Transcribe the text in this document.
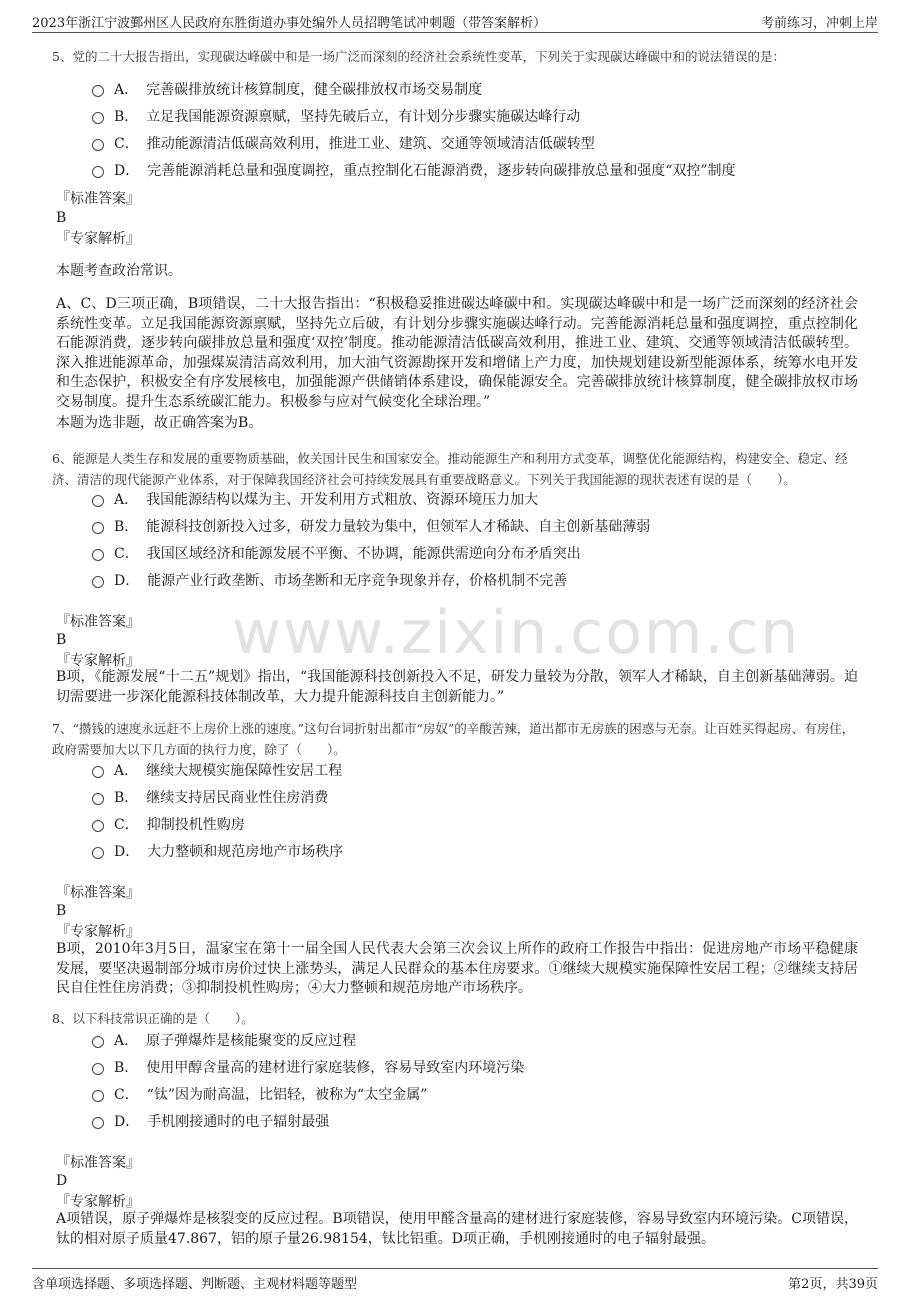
2023年浙江宁波鄞州区人民政府东胜街道办事处编外人员招聘笔试冲刺题（带答案解析）	考前练习，冲刺上岸
www.zixin.com.cn
5、党的二十大报告指出，实现碳达峰碳中和是一场广泛而深刻的经济社会系统性变革，下列关于实现碳达峰碳中和的说法错误的是：
A． 完善碳排放统计核算制度，健全碳排放权市场交易制度
B． 立足我国能源资源禀赋，坚持先破后立，有计划分步骤实施碳达峰行动
C． 推动能源清洁低碳高效利用，推进工业、建筑、交通等领域清洁低碳转型
D． 完善能源消耗总量和强度调控，重点控制化石能源消费，逐步转向碳排放总量和强度“双控”制度
『标准答案』
B
『专家解析』
本题考查政治常识。
A、C、D三项正确，B项错误，二十大报告指出：“积极稳妥推进碳达峰碳中和。实现碳达峰碳中和是一场广泛而深刻的经济社会系统性变革。立足我国能源资源禀赋，坚持先立后破，有计划分步骤实施碳达峰行动。完善能源消耗总量和强度调控，重点控制化石能源消费，逐步转向碳排放总量和强度‘双控’制度。推动能源清洁低碳高效利用，推进工业、建筑、交通等领域清洁低碳转型。深入推进能源革命，加强煤炭清洁高效利用，加大油气资源勘探开发和增储上产力度，加快规划建设新型能源体系，统筹水电开发和生态保护，积极安全有序发展核电，加强能源产供储销体系建设，确保能源安全。完善碳排放统计核算制度，健全碳排放权市场交易制度。提升生态系统碳汇能力。积极参与应对气候变化全球治理。”
本题为选非题，故正确答案为B。
6、能源是人类生存和发展的重要物质基础，攸关国计民生和国家安全。推动能源生产和利用方式变革，调整优化能源结构，构建安全、稳定、经济、清洁的现代能源产业体系，对于保障我国经济社会可持续发展具有重要战略意义。下列关于我国能源的现状表述有误的是（　　）。
A． 我国能源结构以煤为主、开发利用方式粗放、资源环境压力加大
B． 能源科技创新投入过多，研发力量较为集中，但领军人才稀缺、自主创新基础薄弱
C． 我国区域经济和能源发展不平衡、不协调，能源供需逆向分布矛盾突出
D． 能源产业行政垄断、市场垄断和无序竞争现象并存，价格机制不完善
『标准答案』
B
『专家解析』
B项，《能源发展“十二五”规划》指出，“我国能源科技创新投入不足，研发力量较为分散，领军人才稀缺，自主创新基础薄弱。迫切需要进一步深化能源科技体制改革，大力提升能源科技自主创新能力。”
7、“攒钱的速度永远赶不上房价上涨的速度。”这句台词折射出都市“房奴”的辛酸苦辣，道出都市无房族的困惑与无奈。让百姓买得起房、有房住，政府需要加大以下几方面的执行力度，除了（　　）。
A． 继续大规模实施保障性安居工程
B． 继续支持居民商业性住房消费
C． 抑制投机性购房
D． 大力整顿和规范房地产市场秩序
『标准答案』
B
『专家解析』
B项，2010年3月5日，温家宝在第十一届全国人民代表大会第三次会议上所作的政府工作报告中指出：促进房地产市场平稳健康发展，要坚决遏制部分城市房价过快上涨势头，满足人民群众的基本住房要求。①继续大规模实施保障性安居工程；②继续支持居民自住性住房消费；③抑制投机性购房；④大力整顿和规范房地产市场秩序。
8、以下科技常识正确的是（　　）。
A． 原子弹爆炸是核能聚变的反应过程
B． 使用甲醇含量高的建材进行家庭装修，容易导致室内环境污染
C． “钛”因为耐高温，比铝轻，被称为“太空金属”
D． 手机刚接通时的电子辐射最强
『标准答案』
D
『专家解析』
A项错误，原子弹爆炸是核裂变的反应过程。B项错误，使用甲醛含量高的建材进行家庭装修，容易导致室内环境污染。C项错误，钛的相对原子质量47.867，铝的原子量26.98154，钛比铝重。D项正确，手机刚接通时的电子辐射最强。
含单项选择题、多项选择题、判断题、主观材料题等题型	第2页，共39页
